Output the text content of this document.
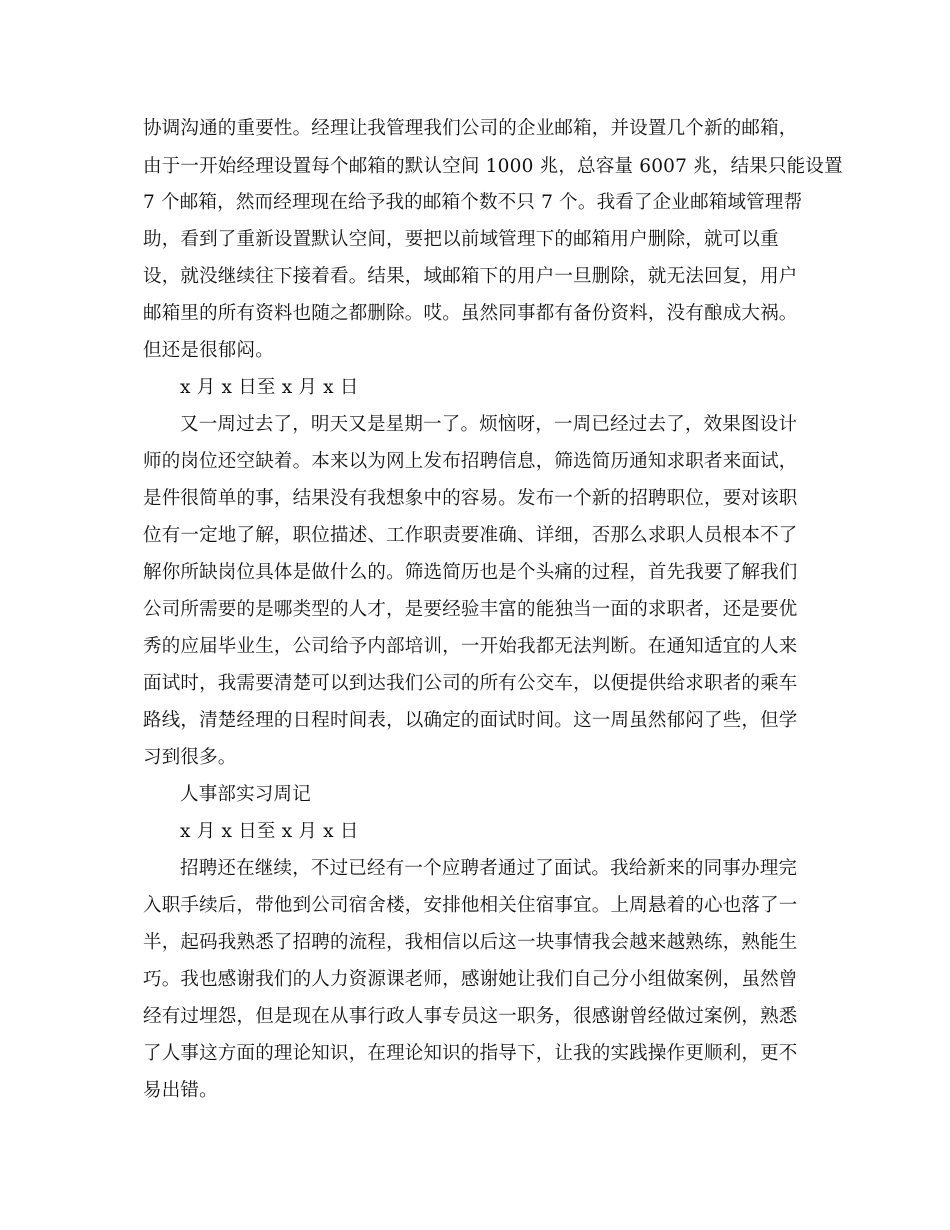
协调沟通的重要性。经理让我管理我们公司的企业邮箱，并设置几个新的邮箱，
由于一开始经理设置每个邮箱的默认空间 1000 兆，总容量 6007 兆，结果只能设置
7 个邮箱，然而经理现在给予我的邮箱个数不只 7 个。我看了企业邮箱域管理帮
助，看到了重新设置默认空间，要把以前域管理下的邮箱用户删除，就可以重
设，就没继续往下接着看。结果，域邮箱下的用户一旦删除，就无法回复，用户
邮箱里的所有资料也随之都删除。哎。虽然同事都有备份资料，没有酿成大祸。
但还是很郁闷。
x 月 x 日至 x 月 x 日
又一周过去了，明天又是星期一了。烦恼呀，一周已经过去了，效果图设计
师的岗位还空缺着。本来以为网上发布招聘信息，筛选简历通知求职者来面试，
是件很简单的事，结果没有我想象中的容易。发布一个新的招聘职位，要对该职
位有一定地了解，职位描述、工作职责要准确、详细，否那么求职人员根本不了
解你所缺岗位具体是做什么的。筛选简历也是个头痛的过程，首先我要了解我们
公司所需要的是哪类型的人才，是要经验丰富的能独当一面的求职者，还是要优
秀的应届毕业生，公司给予内部培训，一开始我都无法判断。在通知适宜的人来
面试时，我需要清楚可以到达我们公司的所有公交车，以便提供给求职者的乘车
路线，清楚经理的日程时间表，以确定的面试时间。这一周虽然郁闷了些，但学
习到很多。
人事部实习周记
x 月 x 日至 x 月 x 日
招聘还在继续，不过已经有一个应聘者通过了面试。我给新来的同事办理完
入职手续后，带他到公司宿舍楼，安排他相关住宿事宜。上周悬着的心也落了一
半，起码我熟悉了招聘的流程，我相信以后这一块事情我会越来越熟练，熟能生
巧。我也感谢我们的人力资源课老师，感谢她让我们自己分小组做案例，虽然曾
经有过埋怨，但是现在从事行政人事专员这一职务，很感谢曾经做过案例，熟悉
了人事这方面的理论知识，在理论知识的指导下，让我的实践操作更顺利，更不
易出错。
